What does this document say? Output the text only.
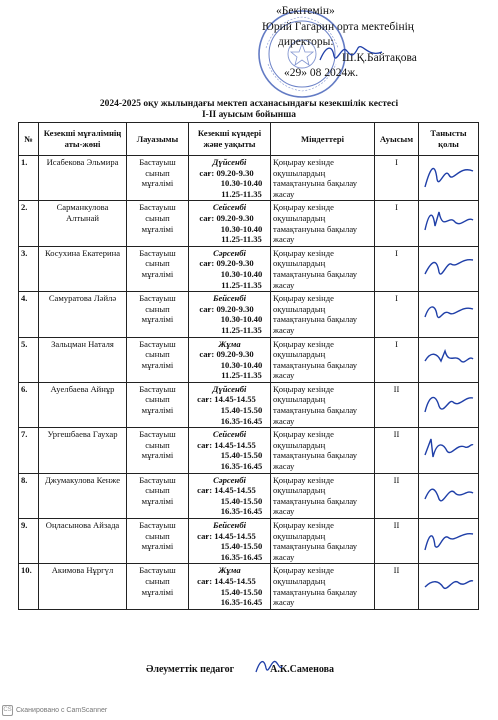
«Бекітемін»
Юрий Гагарин орта мектебінің
директоры:
Ш.Қ.Байтақова
«29» 08 2024ж.
2024-2025 оқу жылындағы мектеп асханасындағы кезекшілік кестесі
I-II ауысым бойынша
№	Кезекші мұғалімнің аты-жөні	Лауазымы	Кезекші күндері және уақыты	Міндеттері	Ауысым	Танысты қолы
1.	Исабекова Эльмира	Бастауыш сынып мұғалімі	Дүйсенбі
сағ: 09.20-9.30
10.30-10.40
11.25-11.35	Қоңырау кезінде оқушылардың тамақтануына бақылау жасау	I	

2.	Сарманкулова Алтынай	Бастауыш сынып мұғалімі	Сейсенбі
сағ: 09.20-9.30
10.30-10.40
11.25-11.35	Қоңырау кезінде оқушылардың тамақтануына бақылау жасау	I	

3.	Косухина Екатерина	Бастауыш сынып мұғалімі	Сәрсенбі
сағ: 09.20-9.30
10.30-10.40
11.25-11.35	Қоңырау кезінде оқушылардың тамақтануына бақылау жасау	I	

4.	Самуратова Ләйлә	Бастауыш сынып мұғалімі	Бейсенбі
сағ: 09.20-9.30
10.30-10.40
11.25-11.35	Қоңырау кезінде оқушылардың тамақтануына бақылау жасау	I	

5.	Зальцман Наталя	Бастауыш сынып мұғалімі	Жұма
сағ: 09.20-9.30
10.30-10.40
11.25-11.35	Қоңырау кезінде оқушылардың тамақтануына бақылау жасау	I	

6.	Ауелбаева Айнұр	Бастауыш сынып мұғалімі	Дүйсенбі
сағ: 14.45-14.55
15.40-15.50
16.35-16.45	Қоңырау кезінде оқушылардың тамақтануына бақылау жасау	II	

7.	Ургешбаева Гаухар	Бастауыш сынып мұғалімі	Сейсенбі
сағ: 14.45-14.55
15.40-15.50
16.35-16.45	Қоңырау кезінде оқушылардың тамақтануына бақылау жасау	II	

8.	Джумакулова Кенже	Бастауыш сынып мұғалімі	Сәрсенбі
сағ: 14.45-14.55
15.40-15.50
16.35-16.45	Қоңырау кезінде оқушылардың тамақтануына бақылау жасау	II	

9.	Оңласынова Айзада	Бастауыш сынып мұғалімі	Бейсенбі
сағ: 14.45-14.55
15.40-15.50
16.35-16.45	Қоңырау кезінде оқушылардың тамақтануына бақылау жасау	II	

10.	Акимова Нұргүл	Бастауыш сынып мұғалімі	Жұма
сағ: 14.45-14.55
15.40-15.50
16.35-16.45	Қоңырау кезінде оқушылардың тамақтануына бақылау жасау	II	
Әлеуметтік педагог	А.К.Саменова
CS Сканировано с CamScanner
